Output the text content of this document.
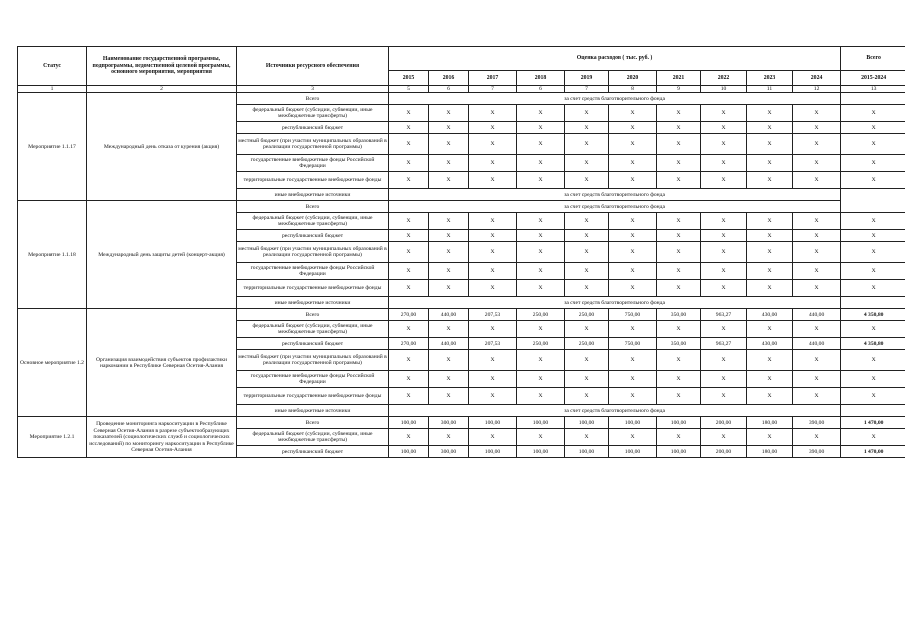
Статус	Наименование государственной программы, подпрограммы, ведомственной целевой программы, основного мероприятия, мероприятия	Источники ресурсного обеспечения	Оценка расходов ( тыс. руб. )										Всего
			2015	2016	2017	2018	2019	2020	2021	2022	2023	2024	2015-2024
1	2	3	5	6	7	6	7	8	9	10	11	12	13
Мероприятие 1.1.17	Международный день отказа от курения (акция)	Всего	за счет средств благотворительного фонда										
		федеральный бюджет (субсидии, субвенции, иные межбюджетные трансферты)	X	X	X	X	X	X	X	X	X	X	X
		республиканский бюджет	X	X	X	X	X	X	X	X	X	X	X
		местный бюджет (при участии муниципальных образований в реализации государственной программы)	X	X	X	X	X	X	X	X	X	X	X
		государственные внебюджетные фонды Российской Федерации	X	X	X	X	X	X	X	X	X	X	X
		территориальные государственные внебюджетные фонды	X	X	X	X	X	X	X	X	X	X	X
		иные внебюджетные источники	за счет средств благотворительного фонда										
Мероприятие 1.1.18	Международный день защиты детей (концерт-акция)	Всего	за счет средств благотворительного фонда										
		федеральный бюджет (субсидии, субвенции, иные межбюджетные трансферты)	X	X	X	X	X	X	X	X	X	X	X
		республиканский бюджет	X	X	X	X	X	X	X	X	X	X	X
		местный бюджет (при участии муниципальных образований в реализации государственной программы)	X	X	X	X	X	X	X	X	X	X	X
		государственные внебюджетные фонды Российской Федерации	X	X	X	X	X	X	X	X	X	X	X
		территориальные государственные внебюджетные фонды	X	X	X	X	X	X	X	X	X	X	X
		иные внебюджетные источники	за счет средств благотворительного фонда										
Основное мероприятие 1.2	Организация взаимодействия субъектов профилактики наркомании в Республике Северная Осетия-Алания	Всего	270,00	440,00	207,53	250,00	250,00	750,00	350,00	963,27	430,00	440,00	4 350,80
		федеральный бюджет (субсидии, субвенции, иные межбюджетные трансферты)	X	X	X	X	X	X	X	X	X	X	X
		республиканский бюджет	270,00	440,00	207,53	250,00	250,00	750,00	350,00	963,27	430,00	440,00	4 350,80
		местный бюджет (при участии муниципальных образований в реализации государственной программы)	X	X	X	X	X	X	X	X	X	X	X
		государственные внебюджетные фонды Российской Федерации	X	X	X	X	X	X	X	X	X	X	X
		территориальные государственные внебюджетные фонды	X	X	X	X	X	X	X	X	X	X	X
		иные внебюджетные источники	за счет средств благотворительного фонда										
Мероприятие 1.2.1	Проведение мониторинга наркоситуации в Республике Северная Осетия-Алания в разрезе субъектообразующих показателей (социологических служб и социологических исследований) по мониторингу наркоситуации в Республике Северная Осетия-Алания	Всего	100,00	300,00	100,00	100,00	100,00	100,00	100,00	200,00	180,00	390,00	1 470,00
		федеральный бюджет (субсидии, субвенции, иные межбюджетные трансферты)	X	X	X	X	X	X	X	X	X	X	X
		республиканский бюджет	100,00	300,00	100,00	100,00	100,00	100,00	100,00	200,00	180,00	390,00	1 470,00
